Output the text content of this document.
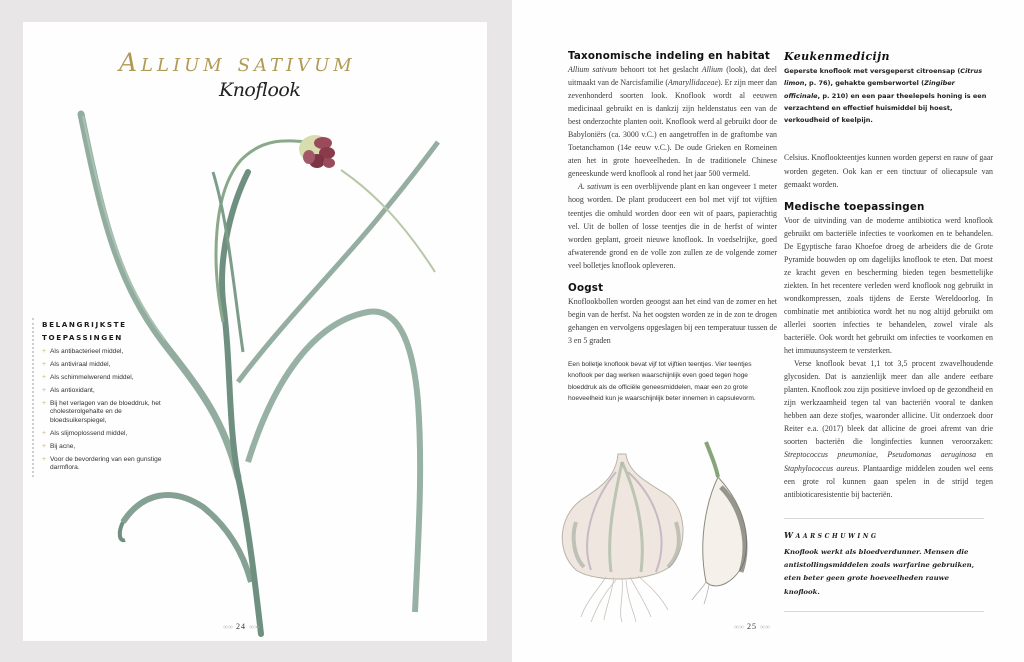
Allium sativum
Knoflook
BELANGRIJKSTE
TOEPASSINGEN
+ Als antibacterieel middel,
+ Als antiviraal middel,
+ Als schimmelwerend middel,
+ Als antioxidant,
+ Bij het verlagen van de bloeddruk, het cholesterolgehalte en de bloedsuikerspiegel,
+ Als slijmoplossend middel,
+ Bij acne,
+ Voor de bevordering van een gunstige darmflora.
∞∞ 24 ∞∞
Taxonomische indeling en habitat

Allium sativum behoort tot het geslacht Allium (look), dat deel uitmaakt van de Narcisfamilie (Amaryllidaceae). Er zijn meer dan zevenhonderd soorten look. Knoflook wordt al eeuwen medicinaal gebruikt en is dankzij zijn heldenstatus een van de best onderzochte planten ooit. Knoflook werd al gebruikt door de Babyloniërs (ca. 3000 v.C.) en aangetroffen in de graftombe van Toetanchamon (14e eeuw v.C.). De oude Grieken en Romeinen aten het in grote hoeveelheden. In de traditionele Chinese geneeskunde werd knoflook al rond het jaar 500 vermeld.

A. sativum is een overblijvende plant en kan ongeveer 1 meter hoog worden. De plant produceert een bol met vijf tot vijftien teentjes die omhuld worden door een wit of paars, papierachtig vel. Uit de bollen of losse teentjes die in de herfst of winter worden geplant, groeit nieuwe knoflook. In voedselrijke, goed afwaterende grond en de volle zon zullen ze de volgende zomer veel bolletjes knoflook opleveren.

Oogst

Knoflookbollen worden geoogst aan het eind van de zomer en het begin van de herfst. Na het oogsten worden ze in de zon te drogen gehangen en vervolgens opgeslagen bij een temperatuur tussen de 3 en 5 graden

Een bolletje knoflook bevat vijf tot vijftien teentjes. Vier teentjes knoflook per dag werken waarschijnlijk even goed tegen hoge bloeddruk als de officiële geneesmiddelen, maar een zo grote hoeveelheid kun je waarschijnlijk beter innemen in capsulevorm.

Keukenmedicijn

Geperste knoflook met versgeperst citroensap (Citrus limon, p. 76), gehakte gemberwortel (Zingiber officinale, p. 210) en een paar theelepels honing is een verzachtend en effectief huismiddel bij hoest, verkoudheid of keelpijn.

Celsius. Knoflookteentjes kunnen worden geperst en rauw of gaar worden gegeten. Ook kan er een tinctuur of oliecapsule van gemaakt worden.

Medische toepassingen

Voor de uitvinding van de moderne antibiotica werd knoflook gebruikt om bacteriële infecties te voorkomen en te behandelen. De Egyptische farao Khoefoe droeg de arbeiders die de Grote Pyramide bouwden op om dagelijks knoflook te eten. Dat moest ze kracht geven en bescherming bieden tegen besmettelijke ziekten. In het recentere verleden werd knoflook nog gebruikt in wondkompressen, zoals tijdens de Eerste Wereldoorlog. In combinatie met antibiotica wordt het nu nog altijd gebruikt om allerlei soorten infecties te behandelen, zowel virale als bacteriële. Ook wordt het gebruikt om infecties te voorkomen en het immuunsysteem te versterken.

Verse knoflook bevat 1,1 tot 3,5 procent zwavelhoudende glycosiden. Dat is aanzienlijk meer dan alle andere eetbare planten. Knoflook zou zijn positieve invloed op de gezondheid en zijn werkzaamheid tegen tal van bacteriën vooral te danken hebben aan deze stofjes, waaronder allicine. Uit onderzoek door Reiter e.a. (2017) bleek dat allicine de groei afremt van drie soorten bacteriën die longinfecties kunnen veroorzaken: Streptococcus pneumoniae, Pseudomonas aeruginosa en Staphylococcus aureus. Plantaardige middelen zouden wel eens een grote rol kunnen gaan spelen in de strijd tegen antibioticaresistentie bij bacteriën.

Waarschuwing

Knoflook werkt als bloedverdunner. Mensen die antistollingsmiddelen zoals warfarine gebruiken, eten beter geen grote hoeveelheden rauwe knoflook.

∞∞ 25 ∞∞
